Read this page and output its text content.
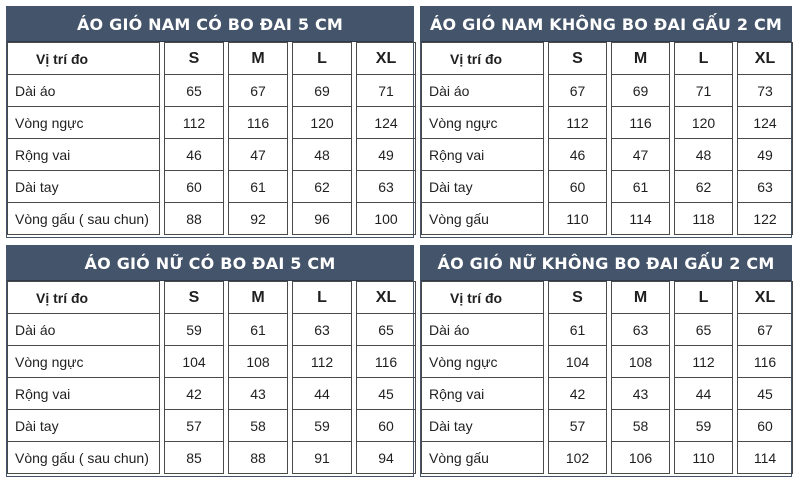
ÁO GIÓ NAM CÓ BO ĐAI 5 CM
Vị trí đo		S		M		L		XL
Dài áo		65		67		69		71
Vòng ngực		112		116		120		124
Rộng vai		46		47		48		49
Dài tay		60		61		62		63
Vòng gấu ( sau chun)		88		92		96		100
ÁO GIÓ NAM KHÔNG BO ĐAI GẤU 2 CM
Vị trí đo		S		M		L		XL
Dài áo		67		69		71		73
Vòng ngực		112		116		120		124
Rộng vai		46		47		48		49
Dài tay		60		61		62		63
Vòng gấu		110		114		118		122
ÁO GIÓ NỮ CÓ BO ĐAI 5 CM
Vị trí đo		S		M		L		XL
Dài áo		59		61		63		65
Vòng ngực		104		108		112		116
Rộng vai		42		43		44		45
Dài tay		57		58		59		60
Vòng gấu ( sau chun)		85		88		91		94
ÁO GIÓ NỮ KHÔNG BO ĐAI GẤU 2 CM
Vị trí đo		S		M		L		XL
Dài áo		61		63		65		67
Vòng ngực		104		108		112		116
Rộng vai		42		43		44		45
Dài tay		57		58		59		60
Vòng gấu		102		106		110		114
